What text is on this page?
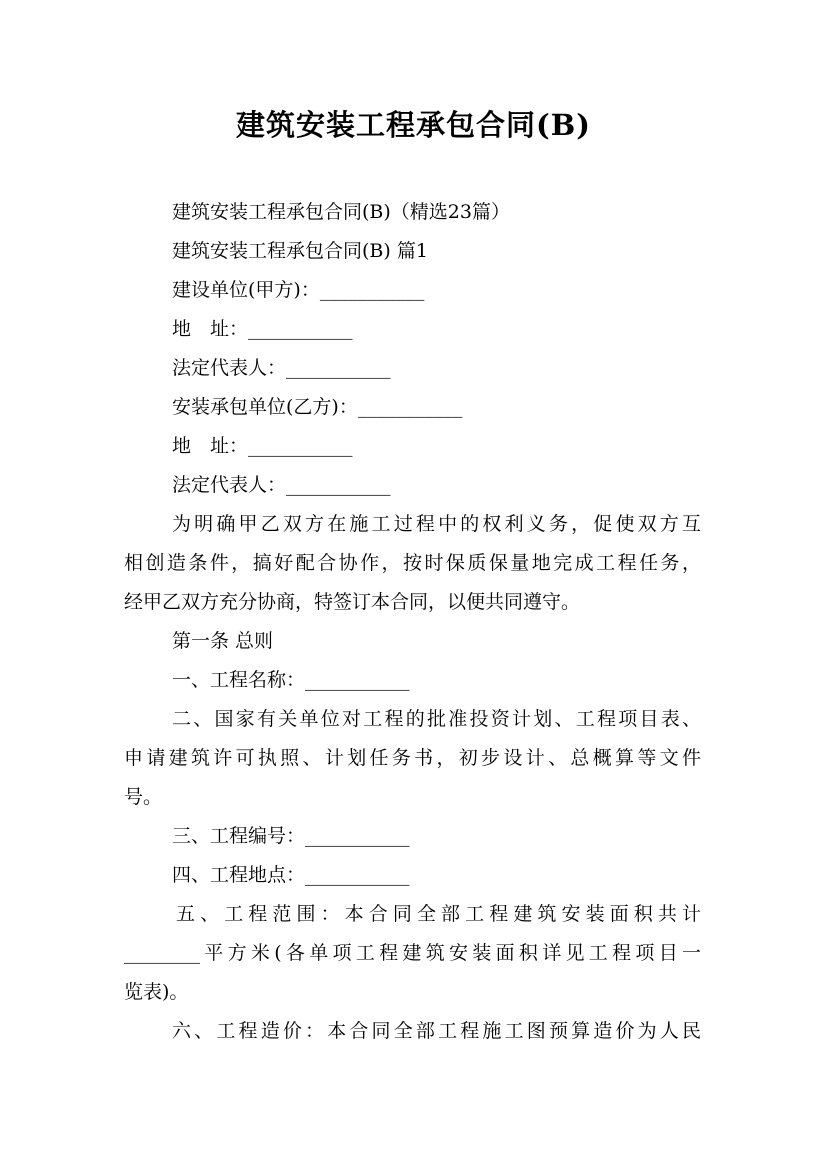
建筑安装工程承包合同(B)
建筑安装工程承包合同(B)（精选23篇）
建筑安装工程承包合同(B) 篇1
建设单位(甲方)：___________
地　址：___________
法定代表人：___________
安装承包单位(乙方)：___________
地　址：___________
法定代表人：___________
为明确甲乙双方在施工过程中的权利义务，促使双方互
相创造条件，搞好配合协作，按时保质保量地完成工程任务，
经甲乙双方充分协商，特签订本合同，以便共同遵守。
第一条 总则
一、工程名称：___________
二、国家有关单位对工程的批准投资计划、工程项目表、
申请建筑许可执照、计划任务书，初步设计、总概算等文件
号。
三、工程编号：___________
四、工程地点：___________
五、工程范围：本合同全部工程建筑安装面积共计
________平方米(各单项工程建筑安装面积详见工程项目一
览表)。
六、工程造价：本合同全部工程施工图预算造价为人民
